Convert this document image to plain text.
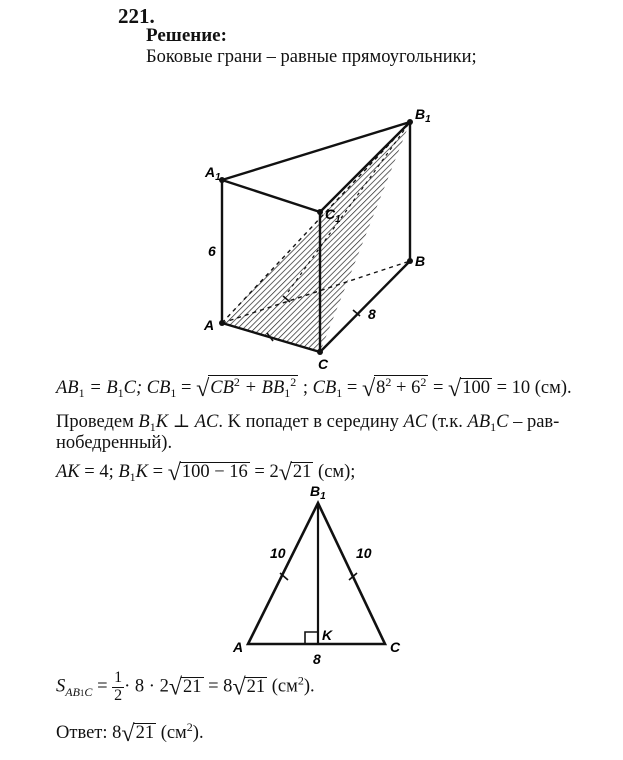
221.
Решение:
Боковые грани – равные прямоугольники;
$A_1$
$C_1$
$B_1$
A
C
B
6
8
$AB_1 = B_1C$; $CB_1 = √CB^2 + BB_1^2$ ; $CB_1 = √8^2 + 6^2 = √100 = 10$ (см).
Проведем $B_1K$ ⊥ AC. K попадет в середину AC (т.к. $AB_1C - рав-$
нобедренный).
AK = 4; $B_1K = √100 - 16 = 2√21$ (см);
$B_1$
A	C
K
10	10
8
$S_{AB1C} = \frac{1}{2} \cdot 8 \cdot 2√21 = 8√21$ $(см^2)$.
Ответ: 8√21 $(см^2)$.
